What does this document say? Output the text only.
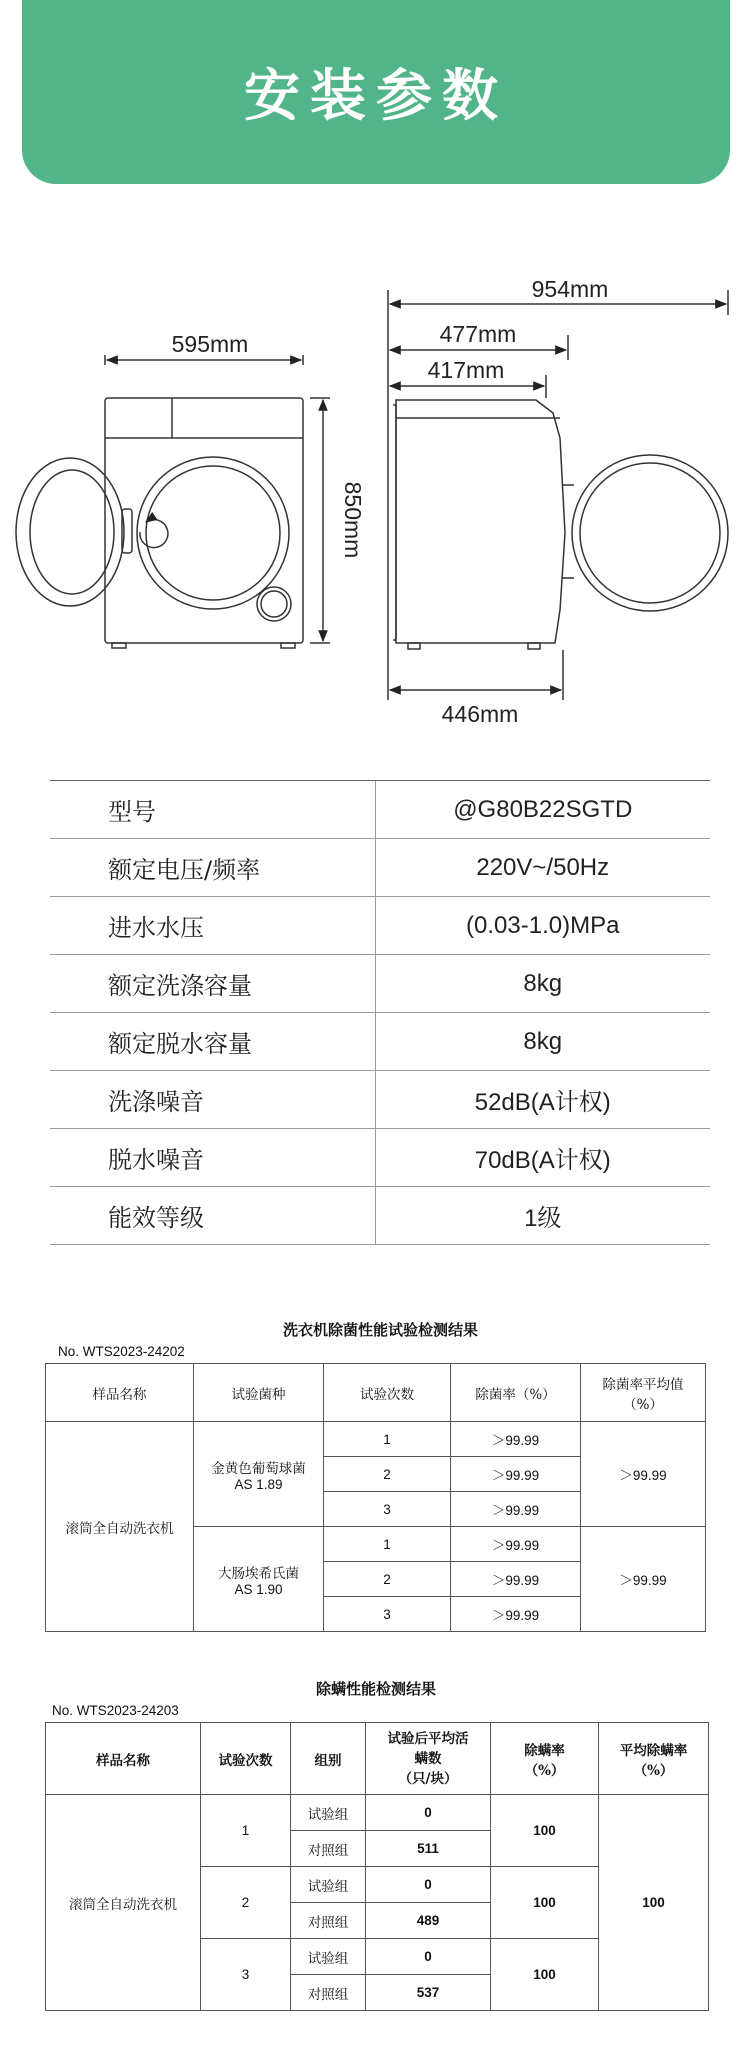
安装参数
595mm
850mm
954mm
477mm
417mm
446mm
型号	@G80B22SGTD
额定电压/频率	220V~/50Hz
进水水压	(0.03-1.0)MPa
额定洗涤容量	8kg
额定脱水容量	8kg
洗涤噪音	52dB(A计权)
脱水噪音	70dB(A计权)
能效等级	1级
洗衣机除菌性能试验检测结果
No. WTS2023-24202
样品名称	试验菌种	试验次数	除菌率（%）	除菌率平均值
（%）
滚筒全自动洗衣机	金黄色葡萄球菌
AS 1.89	1	＞99.99	＞99.99
		2	＞99.99	
		3	＞99.99	
	大肠埃希氏菌
AS 1.90	1	＞99.99	＞99.99
		2	＞99.99	
		3	＞99.99	
除螨性能检测结果
No. WTS2023-24203
样品名称	试验次数	组别	试验后平均活
螨数
（只/块）	除螨率
（%）	平均除螨率
（%）
滚筒全自动洗衣机	1	试验组	0	100	100
		对照组	511		
	2	试验组	0	100	
		对照组	489		
	3	试验组	0	100	
		对照组	537		
